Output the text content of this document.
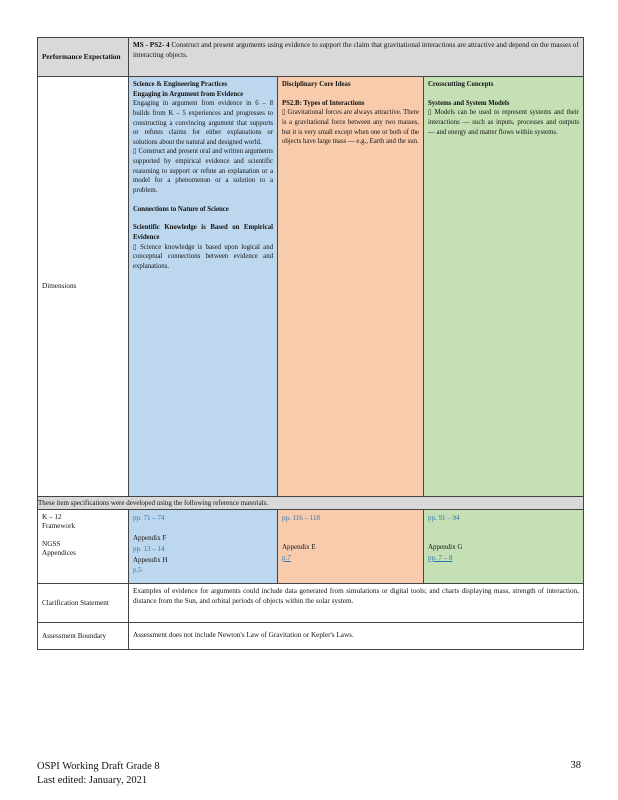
Performance Expectation
MS - PS2- 4 Construct and present arguments using evidence to support the claim that gravitational interactions are attractive and depend on the masses of interacting objects.
Dimensions
Science & Engineering Practices
Engaging in Argument from Evidence
Engaging in argument from evidence in 6 – 8 builds from K – 5 experiences and progresses to constructing a convincing argument that supports or refutes claims for either explanations or solutions about the natural and designed world.
▯ Construct and present oral and written arguments supported by empirical evidence and scientific reasoning to support or refute an explanation or a model for a phenomenon or a solution to a problem.
Connections to Nature of Science
Scientific Knowledge is Based on Empirical Evidence
▯ Science knowledge is based upon logical and conceptual connections between evidence and explanations.
Disciplinary Core Ideas
PS2.B: Types of Interactions
▯ Gravitational forces are always attractive. There is a gravitational force between any two masses, but it is very small except when one or both of the objects have large mass — e.g., Earth and the sun.
Crosscutting Concepts
Systems and System Models
▯ Models can be used to represent systems and their interactions — such as inputs, processes and outputs — and energy and matter flows within systems.
These item specifications were developed using the following reference materials.
K – 12 Framework
NGSS Appendices
pp. 71 – 74
Appendix F
pp. 13 – 14
Appendix H
p.5
pp. 116 – 118
Appendix E
p.7
pp. 91 – 94
Appendix G
pp. 7 – 8
Clarification Statement
Examples of evidence for arguments could include data generated from simulations or digital tools; and charts displaying mass, strength of interaction, distance from the Sun, and orbital periods of objects within the solar system.
Assessment Boundary	Assessment does not include Newton's Law of Gravitation or Kepler's Laws.
OSPI Working Draft Grade 8
Last edited: January, 2021
38
